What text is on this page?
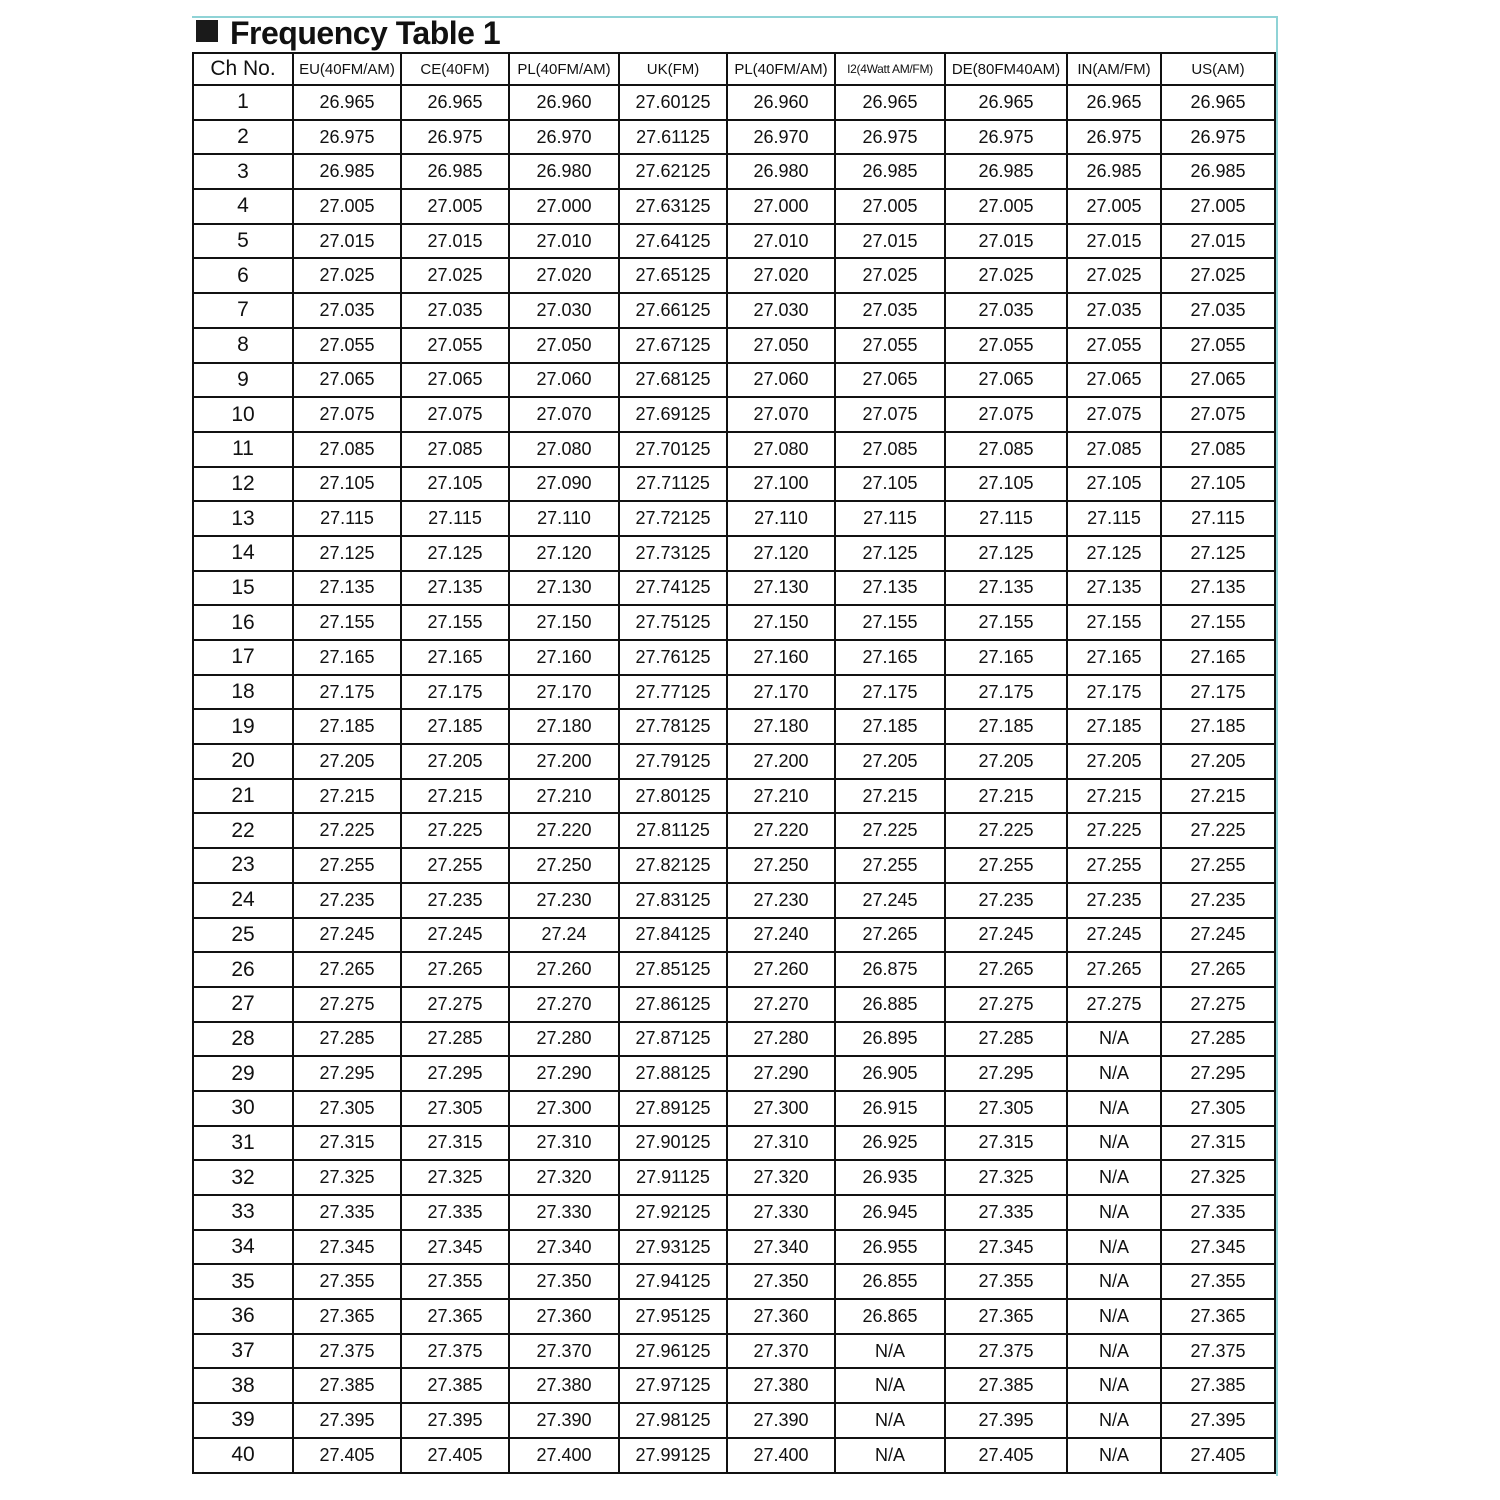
Frequency Table 1
Ch No.	EU(40FM/AM)	CE(40FM)	PL(40FM/AM)	UK(FM)	PL(40FM/AM)	I2(4Watt AM/FM)	DE(80FM40AM)	IN(AM/FM)	US(AM)
1	26.965	26.965	26.960	27.60125	26.960	26.965	26.965	26.965	26.965
2	26.975	26.975	26.970	27.61125	26.970	26.975	26.975	26.975	26.975
3	26.985	26.985	26.980	27.62125	26.980	26.985	26.985	26.985	26.985
4	27.005	27.005	27.000	27.63125	27.000	27.005	27.005	27.005	27.005
5	27.015	27.015	27.010	27.64125	27.010	27.015	27.015	27.015	27.015
6	27.025	27.025	27.020	27.65125	27.020	27.025	27.025	27.025	27.025
7	27.035	27.035	27.030	27.66125	27.030	27.035	27.035	27.035	27.035
8	27.055	27.055	27.050	27.67125	27.050	27.055	27.055	27.055	27.055
9	27.065	27.065	27.060	27.68125	27.060	27.065	27.065	27.065	27.065
10	27.075	27.075	27.070	27.69125	27.070	27.075	27.075	27.075	27.075
11	27.085	27.085	27.080	27.70125	27.080	27.085	27.085	27.085	27.085
12	27.105	27.105	27.090	27.71125	27.100	27.105	27.105	27.105	27.105
13	27.115	27.115	27.110	27.72125	27.110	27.115	27.115	27.115	27.115
14	27.125	27.125	27.120	27.73125	27.120	27.125	27.125	27.125	27.125
15	27.135	27.135	27.130	27.74125	27.130	27.135	27.135	27.135	27.135
16	27.155	27.155	27.150	27.75125	27.150	27.155	27.155	27.155	27.155
17	27.165	27.165	27.160	27.76125	27.160	27.165	27.165	27.165	27.165
18	27.175	27.175	27.170	27.77125	27.170	27.175	27.175	27.175	27.175
19	27.185	27.185	27.180	27.78125	27.180	27.185	27.185	27.185	27.185
20	27.205	27.205	27.200	27.79125	27.200	27.205	27.205	27.205	27.205
21	27.215	27.215	27.210	27.80125	27.210	27.215	27.215	27.215	27.215
22	27.225	27.225	27.220	27.81125	27.220	27.225	27.225	27.225	27.225
23	27.255	27.255	27.250	27.82125	27.250	27.255	27.255	27.255	27.255
24	27.235	27.235	27.230	27.83125	27.230	27.245	27.235	27.235	27.235
25	27.245	27.245	27.24	27.84125	27.240	27.265	27.245	27.245	27.245
26	27.265	27.265	27.260	27.85125	27.260	26.875	27.265	27.265	27.265
27	27.275	27.275	27.270	27.86125	27.270	26.885	27.275	27.275	27.275
28	27.285	27.285	27.280	27.87125	27.280	26.895	27.285	N/A	27.285
29	27.295	27.295	27.290	27.88125	27.290	26.905	27.295	N/A	27.295
30	27.305	27.305	27.300	27.89125	27.300	26.915	27.305	N/A	27.305
31	27.315	27.315	27.310	27.90125	27.310	26.925	27.315	N/A	27.315
32	27.325	27.325	27.320	27.91125	27.320	26.935	27.325	N/A	27.325
33	27.335	27.335	27.330	27.92125	27.330	26.945	27.335	N/A	27.335
34	27.345	27.345	27.340	27.93125	27.340	26.955	27.345	N/A	27.345
35	27.355	27.355	27.350	27.94125	27.350	26.855	27.355	N/A	27.355
36	27.365	27.365	27.360	27.95125	27.360	26.865	27.365	N/A	27.365
37	27.375	27.375	27.370	27.96125	27.370	N/A	27.375	N/A	27.375
38	27.385	27.385	27.380	27.97125	27.380	N/A	27.385	N/A	27.385
39	27.395	27.395	27.390	27.98125	27.390	N/A	27.395	N/A	27.395
40	27.405	27.405	27.400	27.99125	27.400	N/A	27.405	N/A	27.405
